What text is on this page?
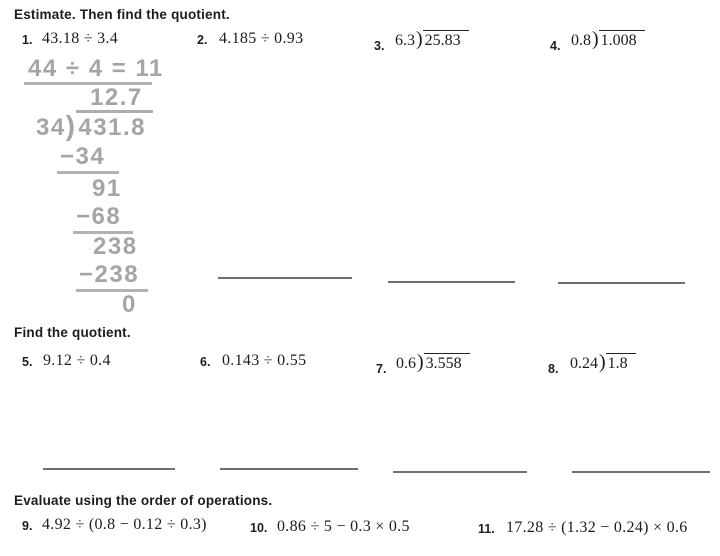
Estimate. Then find the quotient.
1. 43.18 ÷ 3.4	2. 4.185 ÷ 0.93	3. 6.3 ) 25.83	4. 0.8 ) 1.008
44 ÷ 4 = 11
12.7
34 ) 431.8
−34
91
−68
238
−238
0
Find the quotient.
5. 9.12 ÷ 0.4	6. 0.143 ÷ 0.55	7. 0.6 ) 3.558	8. 0.24 ) 1.8
Evaluate using the order of operations.
9. 4.92 ÷ (0.8 − 0.12 ÷ 0.3)	10. 0.86 ÷ 5 − 0.3 × 0.5	11. 17.28 ÷ (1.32 − 0.24) × 0.6
